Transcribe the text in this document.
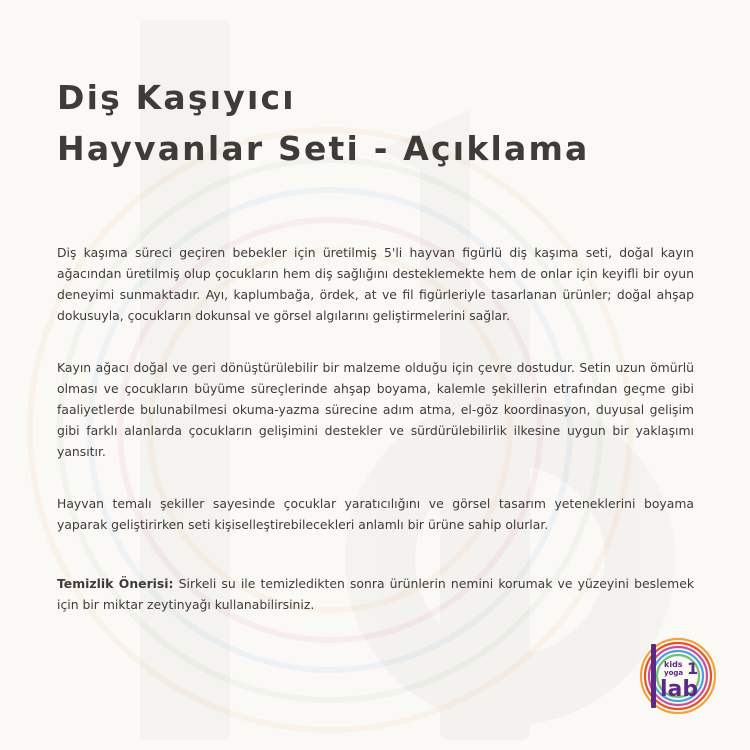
Diş Kaşıyıcı
Hayvanlar Seti - Açıklama

Diş kaşıma süreci geçiren bebekler için üretilmiş 5'li hayvan figürlü diş kaşıma seti, doğal kayın ağacından üretilmiş olup çocukların hem diş sağlığını desteklemekte hem de onlar için keyifli bir oyun deneyimi sunmaktadır. Ayı, kaplumbağa, ördek, at ve fil figürleriyle tasarlanan ürünler; doğal ahşap dokusuyla, çocukların dokunsal ve görsel algılarını geliştirmelerini sağlar.

Kayın ağacı doğal ve geri dönüştürülebilir bir malzeme olduğu için çevre dostudur. Setin uzun ömürlü olması ve çocukların büyüme süreçlerinde ahşap boyama, kalemle şekillerin etrafından geçme gibi faaliyetlerde bulunabilmesi okuma-yazma sürecine adım atma, el-göz koordinasyon, duyusal gelişim gibi farklı alanlarda çocukların gelişimini destekler ve sürdürülebilirlik ilkesine uygun bir yaklaşımı yansıtır.

Hayvan temalı şekiller sayesinde çocuklar yaratıcılığını ve görsel tasarım yeteneklerini boyama yaparak geliştirirken seti kişiselleştirebilecekleri anlamlı bir ürüne sahip olurlar.

Temizlik Önerisi: Sirkeli su ile temizledikten sonra ürünlerin nemini korumak ve yüzeyini beslemek için bir miktar zeytinyağı kullanabilirsiniz.

kids
yoga 1
lab
